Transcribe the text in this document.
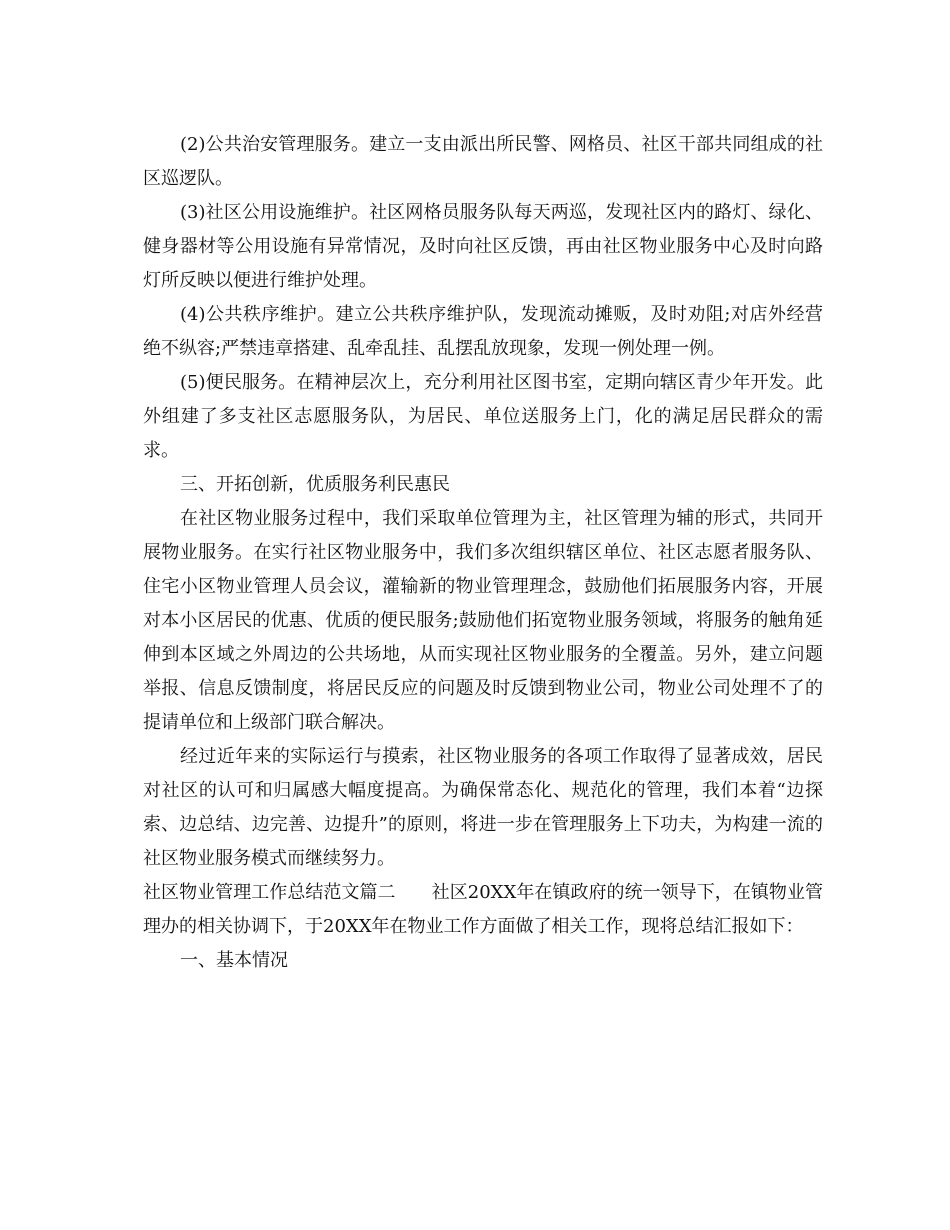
(2)公共治安管理服务。建立一支由派出所民警、网格员、社区干部共同组成的社区巡逻队。

(3)社区公用设施维护。社区网格员服务队每天两巡，发现社区内的路灯、绿化、健身器材等公用设施有异常情况，及时向社区反馈，再由社区物业服务中心及时向路灯所反映以便进行维护处理。

(4)公共秩序维护。建立公共秩序维护队，发现流动摊贩，及时劝阻;对店外经营绝不纵容;严禁违章搭建、乱牵乱挂、乱摆乱放现象，发现一例处理一例。

(5)便民服务。在精神层次上，充分利用社区图书室，定期向辖区青少年开发。此外组建了多支社区志愿服务队，为居民、单位送服务上门，化的满足居民群众的需求。

三、开拓创新，优质服务利民惠民

在社区物业服务过程中，我们采取单位管理为主，社区管理为辅的形式，共同开展物业服务。在实行社区物业服务中，我们多次组织辖区单位、社区志愿者服务队、住宅小区物业管理人员会议，灌输新的物业管理理念，鼓励他们拓展服务内容，开展对本小区居民的优惠、优质的便民服务;鼓励他们拓宽物业服务领域，将服务的触角延伸到本区域之外周边的公共场地，从而实现社区物业服务的全覆盖。另外，建立问题举报、信息反馈制度，将居民反应的问题及时反馈到物业公司，物业公司处理不了的提请单位和上级部门联合解决。

经过近年来的实际运行与摸索，社区物业服务的各项工作取得了显著成效，居民对社区的认可和归属感大幅度提高。为确保常态化、规范化的管理，我们本着“边探索、边总结、边完善、边提升”的原则，将进一步在管理服务上下功夫，为构建一流的社区物业服务模式而继续努力。

社区物业管理工作总结范文篇二 社区20XX年在镇政府的统一领导下，在镇物业管理办的相关协调下，于20XX年在物业工作方面做了相关工作，现将总结汇报如下：

一、基本情况
